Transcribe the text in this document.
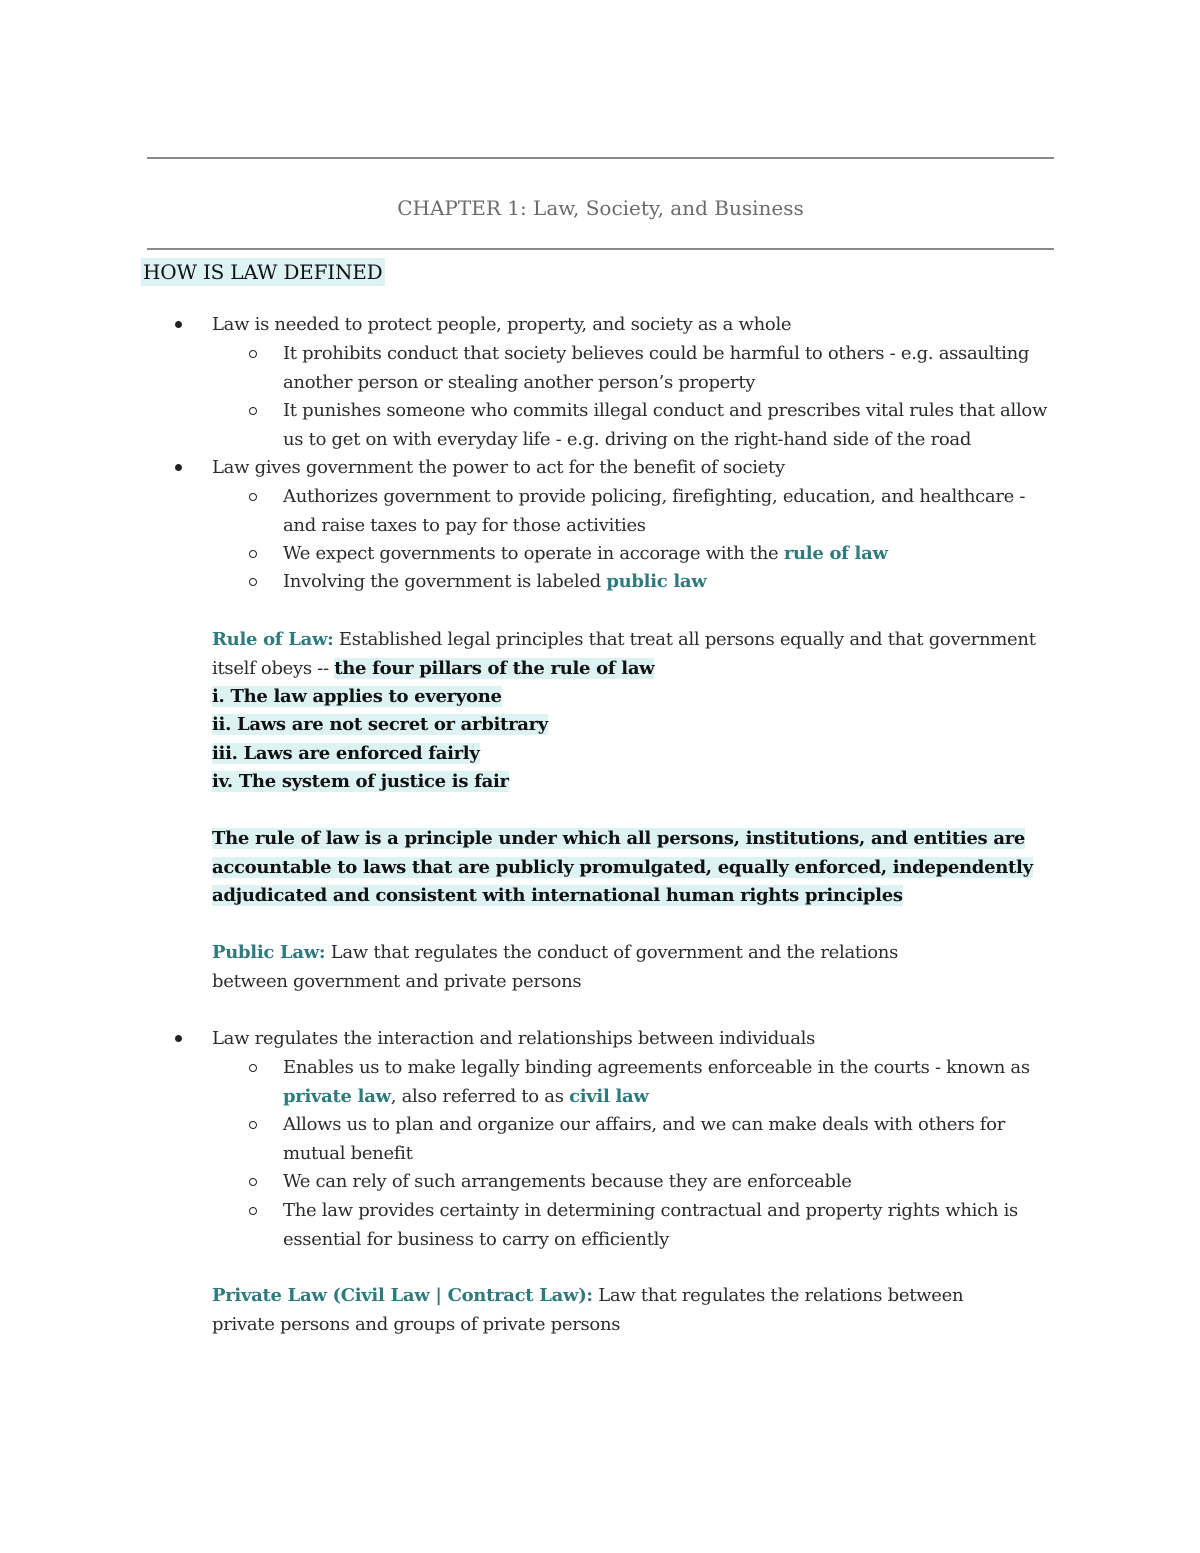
CHAPTER 1: Law, Society, and Business
HOW IS LAW DEFINED
Law is needed to protect people, property, and society as a whole
It prohibits conduct that society believes could be harmful to others - e.g. assaulting another person or stealing another person’s property
It punishes someone who commits illegal conduct and prescribes vital rules that allow us to get on with everyday life - e.g. driving on the right-hand side of the road
Law gives government the power to act for the benefit of society
Authorizes government to provide policing, firefighting, education, and healthcare - and raise taxes to pay for those activities
We expect governments to operate in accorage with the rule of law
Involving the government is labeled public law
Rule of Law: Established legal principles that treat all persons equally and that government itself obeys -- the four pillars of the rule of law
i. The law applies to everyone
ii. Laws are not secret or arbitrary
iii. Laws are enforced fairly
iv. The system of justice is fair
The rule of law is a principle under which all persons, institutions, and entities are
accountable to laws that are publicly promulgated, equally enforced, independently
adjudicated and consistent with international human rights principles
Public Law: Law that regulates the conduct of government and the relations between government and private persons
Law regulates the interaction and relationships between individuals
Enables us to make legally binding agreements enforceable in the courts - known as private law, also referred to as civil law
Allows us to plan and organize our affairs, and we can make deals with others for mutual benefit
We can rely of such arrangements because they are enforceable
The law provides certainty in determining contractual and property rights which is essential for business to carry on efficiently
Private Law (Civil Law | Contract Law): Law that regulates the relations between private persons and groups of private persons
